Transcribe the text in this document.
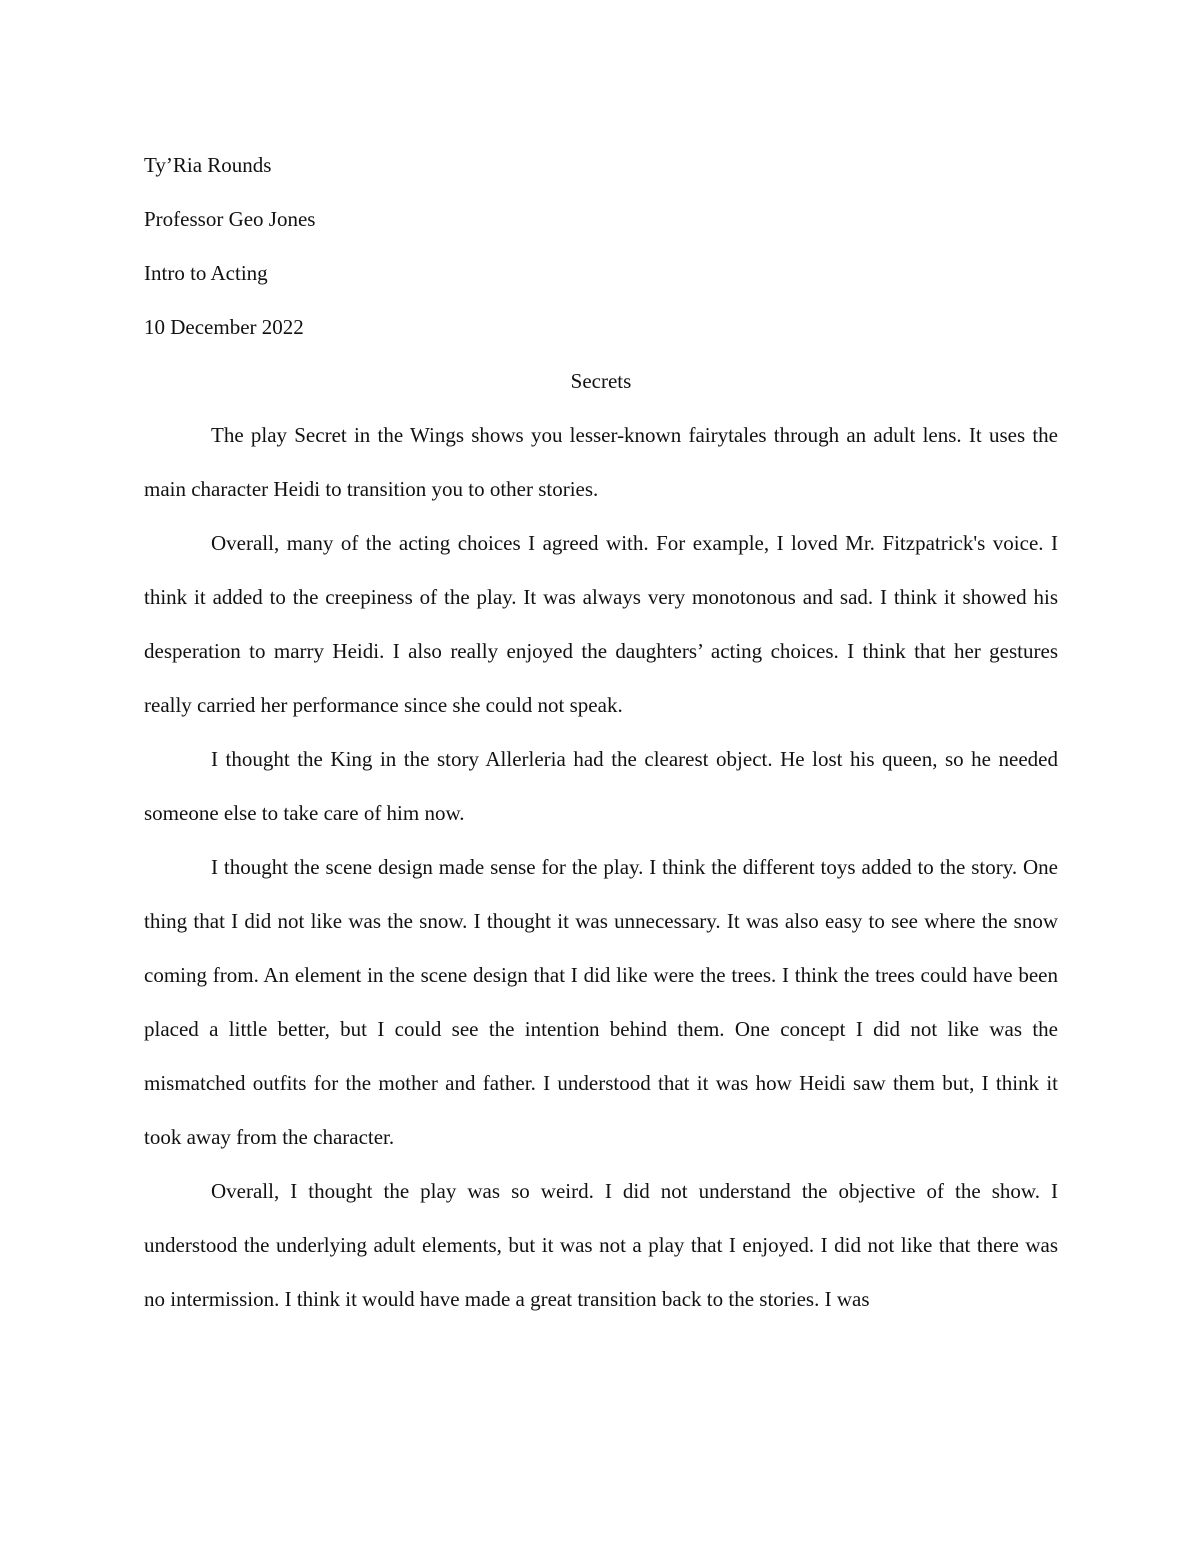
Ty’Ria Rounds

Professor Geo Jones

Intro to Acting

10 December 2022

Secrets

The play Secret in the Wings shows you lesser-known fairytales through an adult lens. It uses the main character Heidi to transition you to other stories.

Overall, many of the acting choices I agreed with. For example, I loved Mr. Fitzpatrick's voice. I think it added to the creepiness of the play. It was always very monotonous and sad. I think it showed his desperation to marry Heidi. I also really enjoyed the daughters’ acting choices. I think that her gestures really carried her performance since she could not speak.

I thought the King in the story Allerleria had the clearest object. He lost his queen, so he needed someone else to take care of him now.

I thought the scene design made sense for the play. I think the different toys added to the story. One thing that I did not like was the snow. I thought it was unnecessary. It was also easy to see where the snow coming from. An element in the scene design that I did like were the trees. I think the trees could have been placed a little better, but I could see the intention behind them. One concept I did not like was the mismatched outfits for the mother and father. I understood that it was how Heidi saw them but, I think it took away from the character.

Overall, I thought the play was so weird. I did not understand the objective of the show. I understood the underlying adult elements, but it was not a play that I enjoyed. I did not like that there was no intermission. I think it would have made a great transition back to the stories. I was
